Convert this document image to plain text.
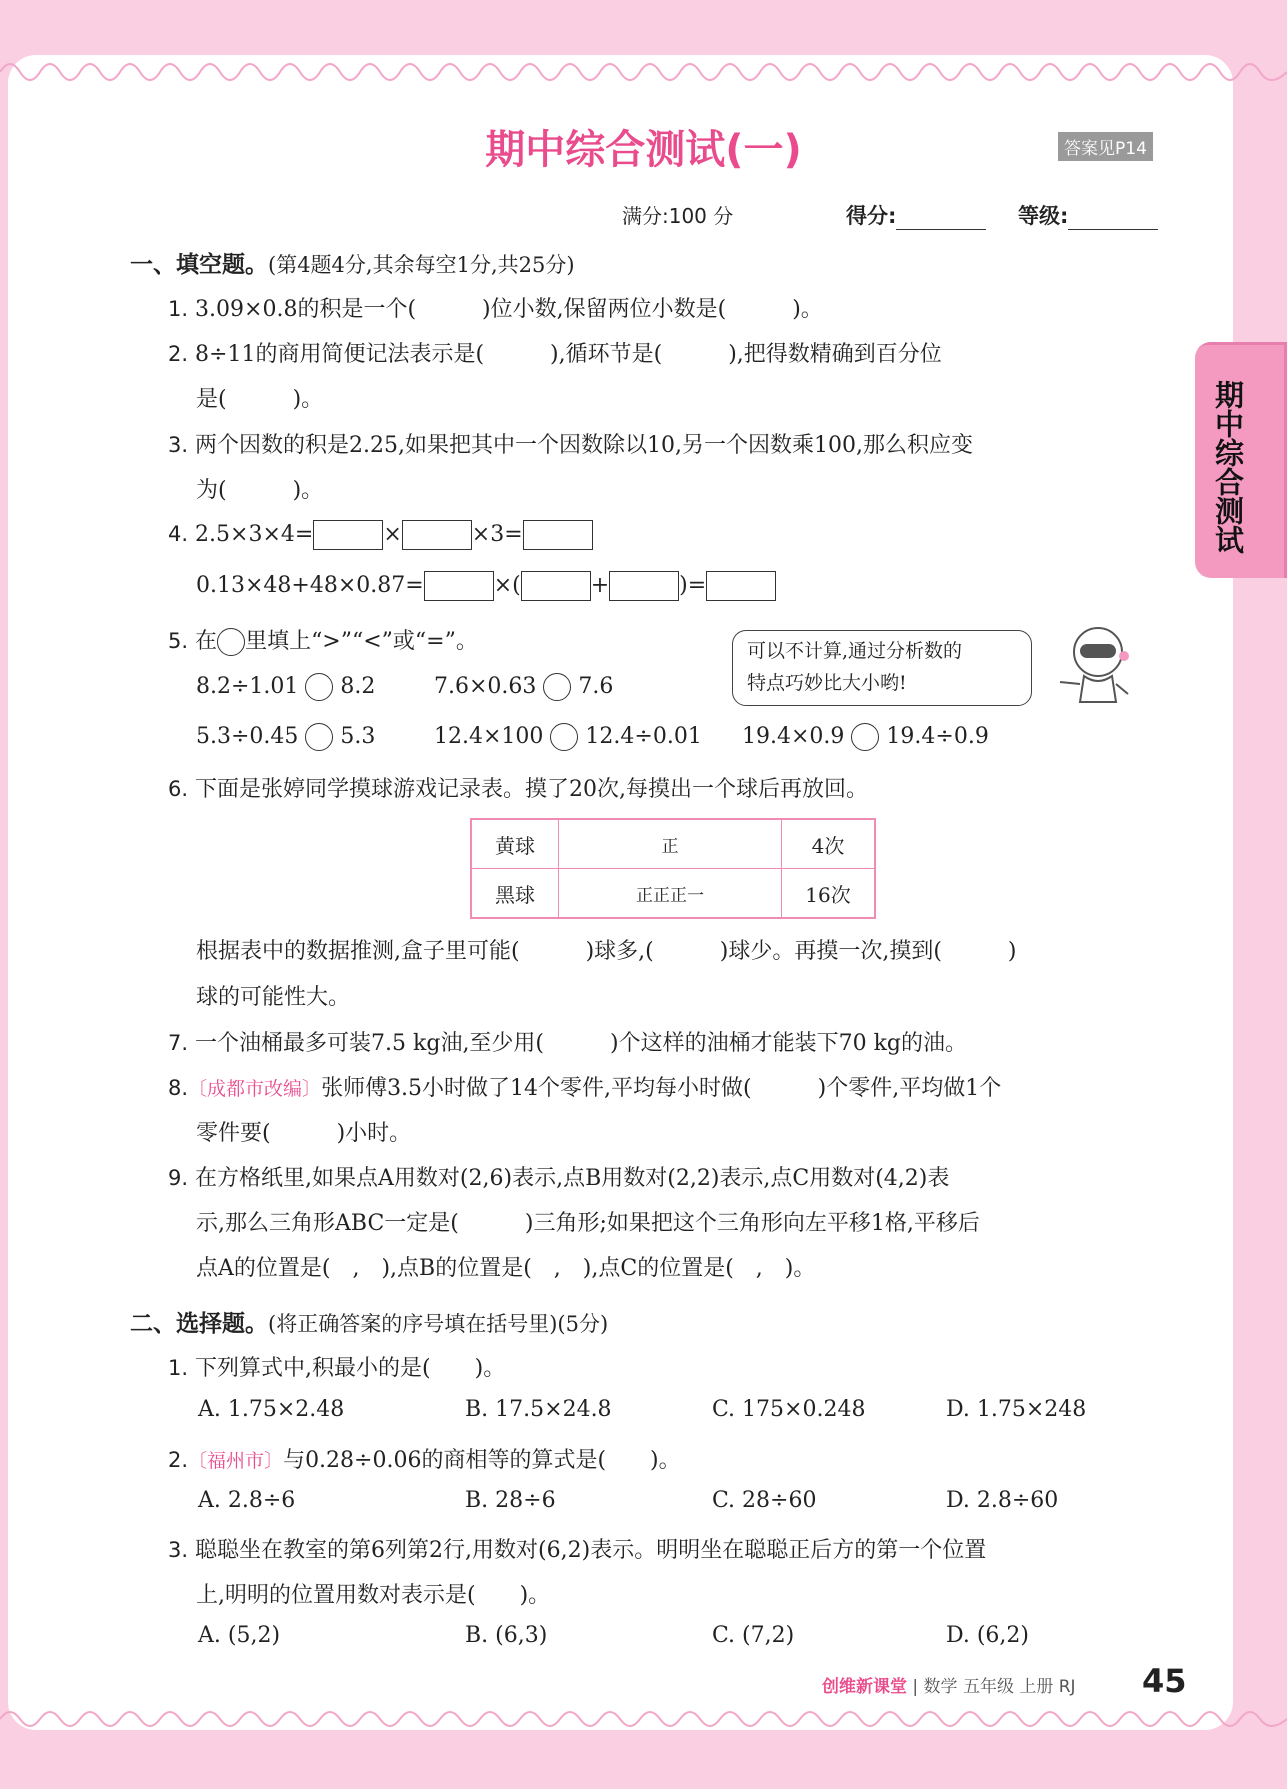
期中综合测试
期中综合测试(一)	答案见P14
满分:100 分	得分:	等级:
一、填空题。(第4题4分,其余每空1分,共25分)
1. 3.09×0.8的积是一个(　　　)位小数,保留两位小数是(　　　)。
2. 8÷11的商用简便记法表示是(　　　),循环节是(　　　),把得数精确到百分位
是(　　　)。
3. 两个因数的积是2.25,如果把其中一个因数除以10,另一个因数乘100,那么积应变
为(　　　)。
4. 2.5×3×4=	×	×3=
0.13×48+48×0.87=	×(	+	)=
5. 在 里填上“>”“<”或“=”。	可以不计算,通过分析数的
特点巧妙比大小哟!
8.2÷1.01 8.2	7.6×0.63 7.6
5.3÷0.45 5.3	12.4×100 12.4÷0.01 19.4×0.9 19.4÷0.9
6. 下面是张婷同学摸球游戏记录表。摸了20次,每摸出一个球后再放回。
黄球	正	4次
黑球	正正正一	16次
根据表中的数据推测,盒子里可能(　　　)球多,(　　　)球少。再摸一次,摸到(　　　)
球的可能性大。
7. 一个油桶最多可装7.5 kg油,至少用(　　　)个这样的油桶才能装下70 kg的油。
8.〔成都市改编〕张师傅3.5小时做了14个零件,平均每小时做(　　　)个零件,平均做1个
零件要(　　　)小时。
9. 在方格纸里,如果点A用数对(2,6)表示,点B用数对(2,2)表示,点C用数对(4,2)表
示,那么三角形ABC一定是(　　　)三角形;如果把这个三角形向左平移1格,平移后
点A的位置是(　,　),点B的位置是(　,　),点C的位置是(　,　)。
二、选择题。(将正确答案的序号填在括号里)(5分)
1. 下列算式中,积最小的是(　　)。
A. 1.75×2.48	B. 17.5×24.8	C. 175×0.248	D. 1.75×248
2.〔福州市〕与0.28÷0.06的商相等的算式是(　　)。
A. 2.8÷6	B. 28÷6	C. 28÷60	D. 2.8÷60
3. 聪聪坐在教室的第6列第2行,用数对(6,2)表示。明明坐在聪聪正后方的第一个位置
上,明明的位置用数对表示是(　　)。
A. (5,2)	B. (6,3)	C. (7,2)	D. (6,2)
创维新课堂 | 数学 五年级 上册 RJ 45
